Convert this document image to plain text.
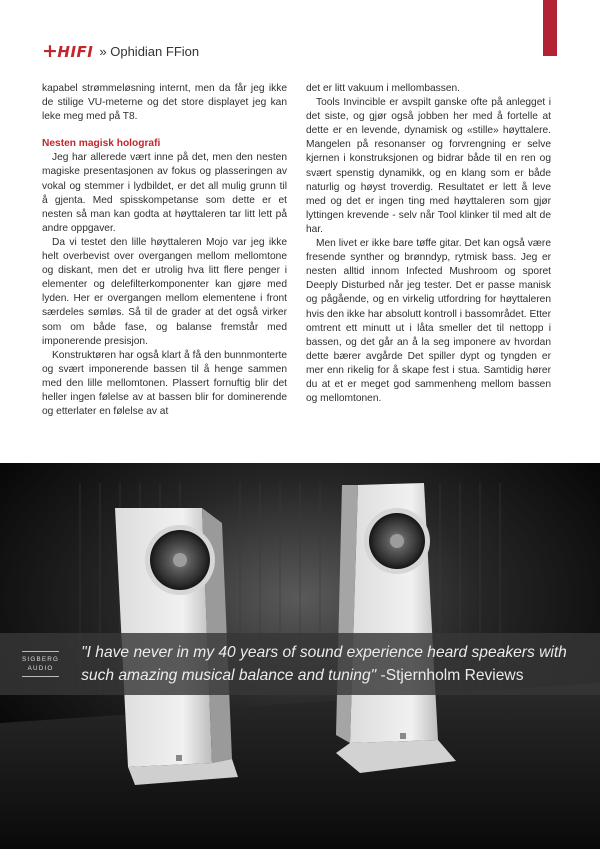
+ HIFI » Ophidian FFion

kapabel strømmeløsning internt, men da får jeg ikke de stilige VU-meterne og det store displayet jeg kan leke meg med på T8.

Nesten magisk holografi

Jeg har allerede vært inne på det, men den nesten magiske presentasjonen av fokus og plasseringen av vokal og stemmer i lydbildet, er det all mulig grunn til å gjenta. Med spisskompetanse som dette er et nesten så man kan godta at høyttaleren tar litt lett på andre oppgaver.

Da vi testet den lille høyttaleren Mojo var jeg ikke helt overbevist over overgangen mellom mellomtone og diskant, men det er utrolig hva litt flere penger i elementer og delefilterkomponenter kan gjøre med lyden. Her er overgangen mellom elementene i front særdeles sømløs. Så til de grader at det også virker som om både fase, og balanse fremstår med imponerende presisjon.

Konstruktøren har også klart å få den bunnmonterte og svært imponerende bassen til å henge sammen med den lille mellomtonen. Plassert fornuftig blir det heller ingen følelse av at bassen blir for dominerende og etterlater en følelse av at

det er litt vakuum i mellombassen.

Tools Invincible er avspilt ganske ofte på anlegget i det siste, og gjør også jobben her med å fortelle at dette er en levende, dynamisk og «stille» høyttalere. Mangelen på resonanser og forvrengning er selve kjernen i konstruksjonen og bidrar både til en ren og svært spenstig dynamikk, og en klang som er både naturlig og høyst troverdig. Resultatet er lett å leve med og det er ingen ting med høyttaleren som gjør lyttingen krevende - selv når Tool klinker til med alt de har.

Men livet er ikke bare tøffe gitar. Det kan også være fresende synther og brønndyp, rytmisk bass. Jeg er nesten alltid innom Infected Mushroom og sporet Deeply Disturbed når jeg tester. Det er passe manisk og pågående, og en virkelig utfordring for høyttaleren hvis den ikke har absolutt kontroll i bassområdet. Etter omtrent ett minutt ut i låta smeller det til nettopp i bassen, og det går an å la seg imponere av hvordan dette bærer avgårde Det spiller dypt og tyngden er mer enn rikelig for å skape fest i stua. Samtidig hører du at et er meget god sammenheng mellom bassen og mellomtonen.

SIGBERG
AUDIO
"I have never in my 40 years of sound experience heard speakers with such amazing musical balance and tuning" -Stjernholm Reviews
